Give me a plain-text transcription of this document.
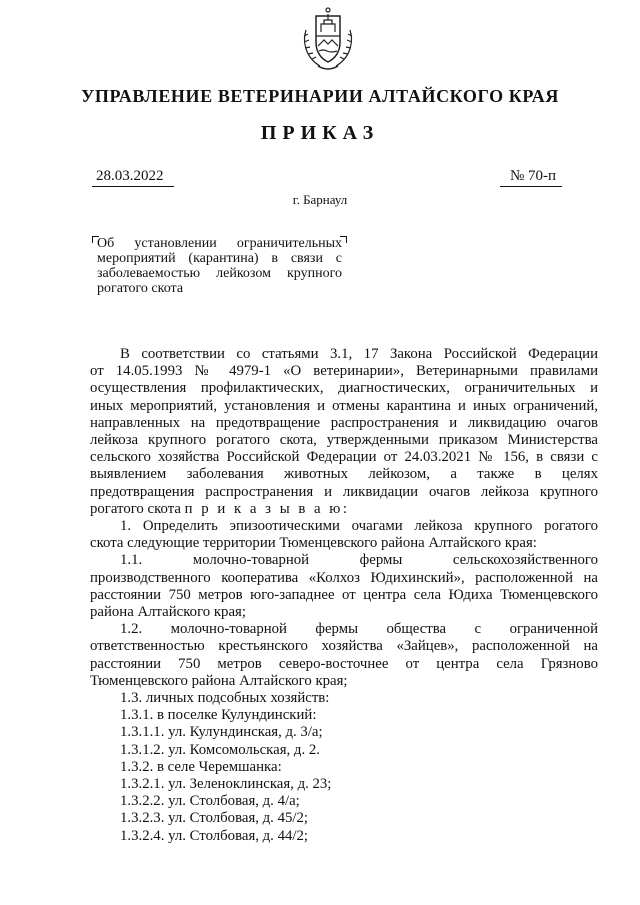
УПРАВЛЕНИЕ ВЕТЕРИНАРИИ АЛТАЙСКОГО КРАЯ
ПРИКАЗ
28.03.2022	№ 70-п
г. Барнаул
Об установлении ограничительных
мероприятий (карантина) в связи с
заболеваемостью лейкозом крупного
рогатого скота
В соответствии со статьями 3.1, 17 Закона Российской Федерации
от 14.05.1993 № 4979-1 «О ветеринарии», Ветеринарными правилами
осуществления профилактических, диагностических, ограничительных и
иных мероприятий, установления и отмены карантина и иных ограничений,
направленных на предотвращение распространения и ликвидацию очагов
лейкоза крупного рогатого скота, утвержденными приказом Министерства
сельского хозяйства Российской Федерации от 24.03.2021 № 156, в связи с
выявлением заболевания животных лейкозом, а также в целях
предотвращения распространения и ликвидации очагов лейкоза крупного
рогатого скота п р и к а з ы в а ю:
1. Определить эпизоотическими очагами лейкоза крупного рогатого
скота следующие территории Тюменцевского района Алтайского края:
1.1. молочно-товарной фермы сельскохозяйственного
производственного кооператива «Колхоз Юдихинский», расположенной на
расстоянии 750 метров юго-западнее от центра села Юдиха Тюменцевского
района Алтайского края;
1.2. молочно-товарной фермы общества с ограниченной
ответственностью крестьянского хозяйства «Зайцев», расположенной на
расстоянии 750 метров северо-восточнее от центра села Грязново
Тюменцевского района Алтайского края;
1.3. личных подсобных хозяйств:
1.3.1. в поселке Кулундинский:
1.3.1.1. ул. Кулундинская, д. 3/а;
1.3.1.2. ул. Комсомольская, д. 2.
1.3.2. в селе Черемшанка:
1.3.2.1. ул. Зеленоклинская, д. 23;
1.3.2.2. ул. Столбовая, д. 4/а;
1.3.2.3. ул. Столбовая, д. 45/2;
1.3.2.4. ул. Столбовая, д. 44/2;
